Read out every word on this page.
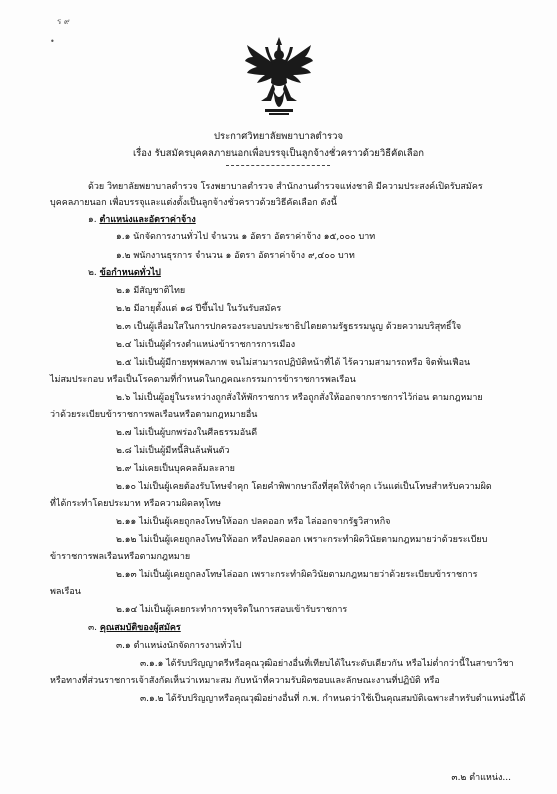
ร ๙
•
ประกาศวิทยาลัยพยาบาลตำรวจ
เรื่อง รับสมัครบุคคลภายนอกเพื่อบรรจุเป็นลูกจ้างชั่วคราวด้วยวิธีคัดเลือก
ด้วย วิทยาลัยพยาบาลตำรวจ โรงพยาบาลตำรวจ สำนักงานตำรวจแห่งชาติ มีความประสงค์เปิดรับสมัคร
บุคคลภายนอก เพื่อบรรจุและแต่งตั้งเป็นลูกจ้างชั่วคราวด้วยวิธีคัดเลือก ดังนี้
๑. ตำแหน่งและอัตราค่าจ้าง
๑.๑ นักจัดการงานทั่วไป จำนวน ๑ อัตรา อัตราค่าจ้าง ๑๕,๐๐๐ บาท
๑.๒ พนักงานธุรการ จำนวน ๑ อัตรา อัตราค่าจ้าง ๙,๔๐๐ บาท
๒. ข้อกำหนดทั่วไป
๒.๑ มีสัญชาติไทย
๒.๒ มีอายุตั้งแต่ ๑๘ ปีขึ้นไป ในวันรับสมัคร
๒.๓ เป็นผู้เลื่อมใสในการปกครองระบอบประชาธิปไตยตามรัฐธรรมนูญ ด้วยความบริสุทธิ์ใจ
๒.๔ ไม่เป็นผู้ดำรงตำแหน่งข้าราชการการเมือง
๒.๕ ไม่เป็นผู้มีกายทุพพลภาพ จนไม่สามารถปฏิบัติหน้าที่ได้ ไร้ความสามารถหรือ จิตฟั่นเฟือน
ไม่สมประกอบ หรือเป็นโรคตามที่กำหนดในกฎคณะกรรมการข้าราชการพลเรือน
๒.๖ ไม่เป็นผู้อยู่ในระหว่างถูกสั่งให้พักราชการ หรือถูกสั่งให้ออกจากราชการไว้ก่อน ตามกฎหมาย
ว่าด้วยระเบียบข้าราชการพลเรือนหรือตามกฎหมายอื่น
๒.๗ ไม่เป็นผู้บกพร่องในศีลธรรมอันดี
๒.๘ ไม่เป็นผู้มีหนี้สินล้นพ้นตัว
๒.๙ ไม่เคยเป็นบุคคลล้มละลาย
๒.๑๐ ไม่เป็นผู้เคยต้องรับโทษจำคุก โดยคำพิพากษาถึงที่สุดให้จำคุก เว้นแต่เป็นโทษสำหรับความผิด
ที่ได้กระทำโดยประมาท หรือความผิดลหุโทษ
๒.๑๑ ไม่เป็นผู้เคยถูกลงโทษให้ออก ปลดออก หรือ ไล่ออกจากรัฐวิสาหกิจ
๒.๑๒ ไม่เป็นผู้เคยถูกลงโทษให้ออก หรือปลดออก เพราะกระทำผิดวินัยตามกฎหมายว่าด้วยระเบียบ
ข้าราชการพลเรือนหรือตามกฎหมาย
๒.๑๓ ไม่เป็นผู้เคยถูกลงโทษไล่ออก เพราะกระทำผิดวินัยตามกฎหมายว่าด้วยระเบียบข้าราชการ
พลเรือน
๒.๑๔ ไม่เป็นผู้เคยกระทำการทุจริตในการสอบเข้ารับราชการ
๓. คุณสมบัติของผู้สมัคร
๓.๑ ตำแหน่งนักจัดการงานทั่วไป
๓.๑.๑ ได้รับปริญญาตรีหรือคุณวุฒิอย่างอื่นที่เทียบได้ในระดับเดียวกัน หรือไม่ต่ำกว่านี้ในสาขาวิชา
หรือทางที่ส่วนราชการเจ้าสังกัดเห็นว่าเหมาะสม กับหน้าที่ความรับผิดชอบและลักษณะงานที่ปฏิบัติ หรือ
๓.๑.๒ ได้รับปริญญาหรือคุณวุฒิอย่างอื่นที่ ก.พ. กำหนดว่าใช้เป็นคุณสมบัติเฉพาะสำหรับตำแหน่งนี้ได้
๓.๒ ตำแหน่ง...
